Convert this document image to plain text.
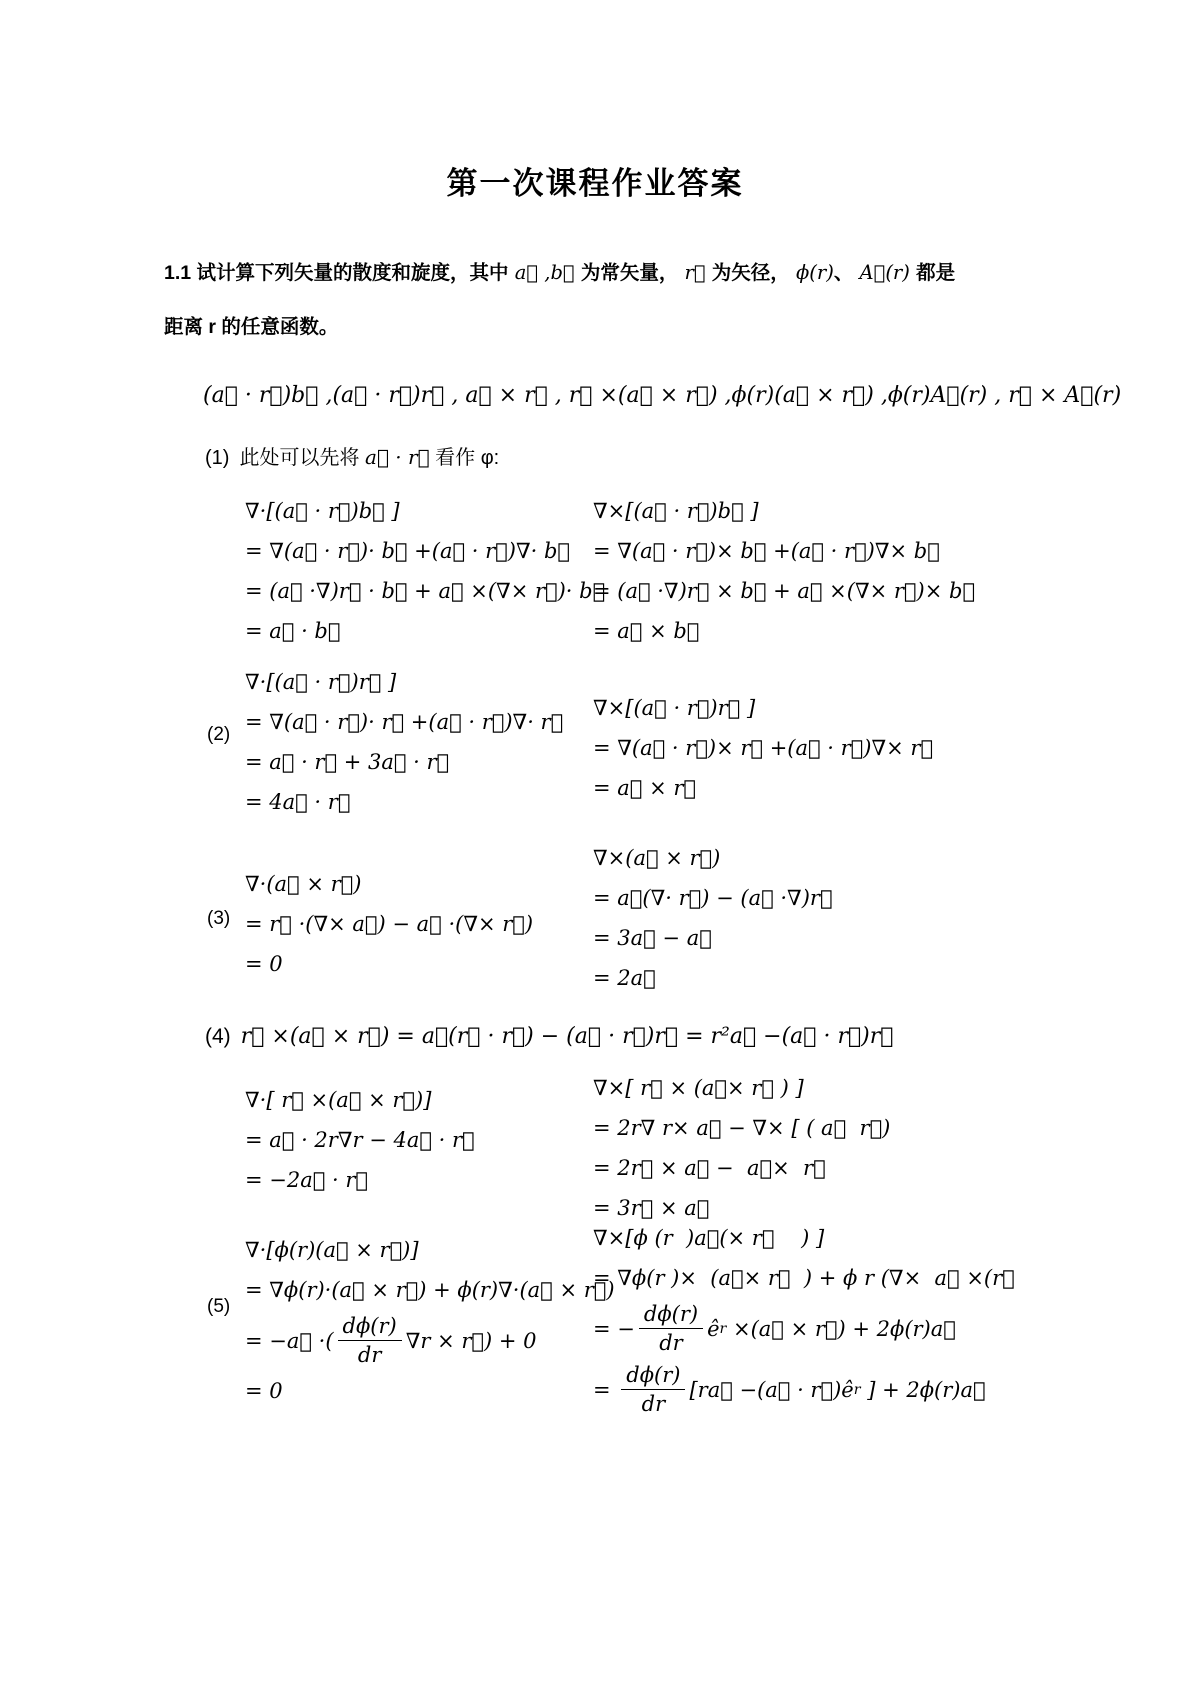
第一次课程作业答案
1.1 试计算下列矢量的散度和旋度，其中 a⃗ ,b⃗ 为常矢量， r⃗ 为矢径， ϕ(r)、 A⃗(r) 都是
距离 r 的任意函数。
(a⃗ · r⃗)b⃗ ,(a⃗ · r⃗)r⃗ , a⃗ × r⃗ , r⃗ ×(a⃗ × r⃗) ,ϕ(r)(a⃗ × r⃗) ,ϕ(r)A⃗(r) , r⃗ × A⃗(r)
(1) 此处可以先将 a⃗ · r⃗ 看作 φ:
∇·[(a⃗ · r⃗)b⃗ ]
= ∇(a⃗ · r⃗)· b⃗ +(a⃗ · r⃗)∇· b⃗
= (a⃗ ·∇)r⃗ · b⃗ + a⃗ ×(∇× r⃗)· b⃗
= a⃗ · b⃗
∇×[(a⃗ · r⃗)b⃗ ]
= ∇(a⃗ · r⃗)× b⃗ +(a⃗ · r⃗)∇× b⃗
= (a⃗ ·∇)r⃗ × b⃗ + a⃗ ×(∇× r⃗)× b⃗
= a⃗ × b⃗
(2)
∇·[(a⃗ · r⃗)r⃗ ]
= ∇(a⃗ · r⃗)· r⃗ +(a⃗ · r⃗)∇· r⃗
= a⃗ · r⃗ + 3a⃗ · r⃗
= 4a⃗ · r⃗
∇×[(a⃗ · r⃗)r⃗ ]
= ∇(a⃗ · r⃗)× r⃗ +(a⃗ · r⃗)∇× r⃗
= a⃗ × r⃗
(3)
∇·(a⃗ × r⃗)
= r⃗ ·(∇× a⃗) − a⃗ ·(∇× r⃗)
= 0
∇×(a⃗ × r⃗)
= a⃗(∇· r⃗) − (a⃗ ·∇)r⃗
= 3a⃗ − a⃗
= 2a⃗
(4) r⃗ ×(a⃗ × r⃗) = a⃗(r⃗ · r⃗) − (a⃗ · r⃗)r⃗ = r²a⃗ −(a⃗ · r⃗)r⃗
∇·[ r⃗ ×(a⃗ × r⃗)]
= a⃗ · 2r∇r − 4a⃗ · r⃗
= −2a⃗ · r⃗
∇×[ r⃗ × (a⃗× r⃗ ) ]
= 2r∇ r× a⃗ − ∇× [ ( a⃗  r⃗)
= 2r⃗ × a⃗ −  a⃗×  r⃗
= 3r⃗ × a⃗
(5)
∇·[ϕ(r)(a⃗ × r⃗)]
= ∇ϕ(r)·(a⃗ × r⃗) + ϕ(r)∇·(a⃗ × r⃗)
= −a⃗ ·( $\frac{d\phi(r)}{dr} \nabla r$ × r⃗) + 0
= 0
∇×[ϕ (r  )a⃗(× r⃗    ) ]
= ∇ϕ(r )×  (a⃗× r⃗  ) + ϕ r (∇×  a⃗ ×(r⃗
= − $\frac{d\phi(r)}{dr}$ ê r ×(a⃗ × r⃗) + 2ϕ(r)a⃗
= $\frac{d\phi(r)}{dr}$ [ra⃗ −(a⃗ · r⃗)ê r ] + 2ϕ(r)a⃗
